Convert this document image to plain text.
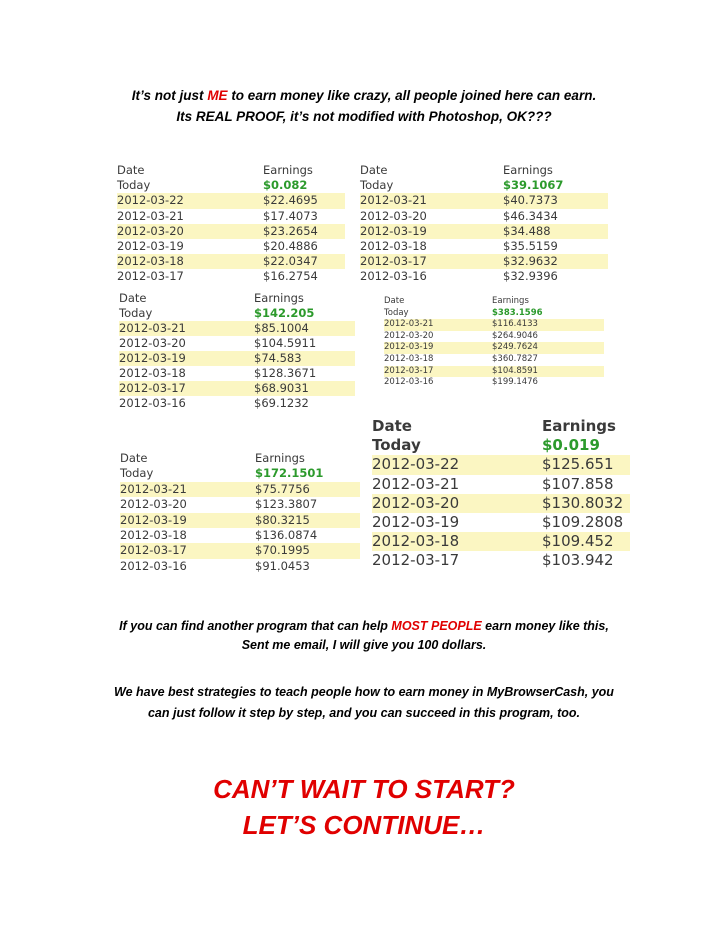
It’s not just ME to earn money like crazy, all people joined here can earn.
Its REAL PROOF, it’s not modified with Photoshop, OK???
Date	Earnings
Today	$0.082
2012-03-22	$22.4695
2012-03-21	$17.4073
2012-03-20	$23.2654
2012-03-19	$20.4886
2012-03-18	$22.0347
2012-03-17	$16.2754
Date	Earnings
Today	$39.1067
2012-03-21	$40.7373
2012-03-20	$46.3434
2012-03-19	$34.488
2012-03-18	$35.5159
2012-03-17	$32.9632
2012-03-16	$32.9396
Date	Earnings
Today	$142.205
2012-03-21	$85.1004
2012-03-20	$104.5911
2012-03-19	$74.583
2012-03-18	$128.3671
2012-03-17	$68.9031
2012-03-16	$69.1232
Date	Earnings
Today	$383.1596
2012-03-21	$116.4133
2012-03-20	$264.9046
2012-03-19	$249.7624
2012-03-18	$360.7827
2012-03-17	$104.8591
2012-03-16	$199.1476
Date	Earnings
Today	$172.1501
2012-03-21	$75.7756
2012-03-20	$123.3807
2012-03-19	$80.3215
2012-03-18	$136.0874
2012-03-17	$70.1995
2012-03-16	$91.0453
Date	Earnings
Today	$0.019
2012-03-22	$125.651
2012-03-21	$107.858
2012-03-20	$130.8032
2012-03-19	$109.2808
2012-03-18	$109.452
2012-03-17	$103.942
If you can find another program that can help MOST PEOPLE earn money like this,
Sent me email, I will give you 100 dollars.
We have best strategies to teach people how to earn money in MyBrowserCash, you
can just follow it step by step, and you can succeed in this program, too.
CAN’T WAIT TO START?
LET’S CONTINUE…
